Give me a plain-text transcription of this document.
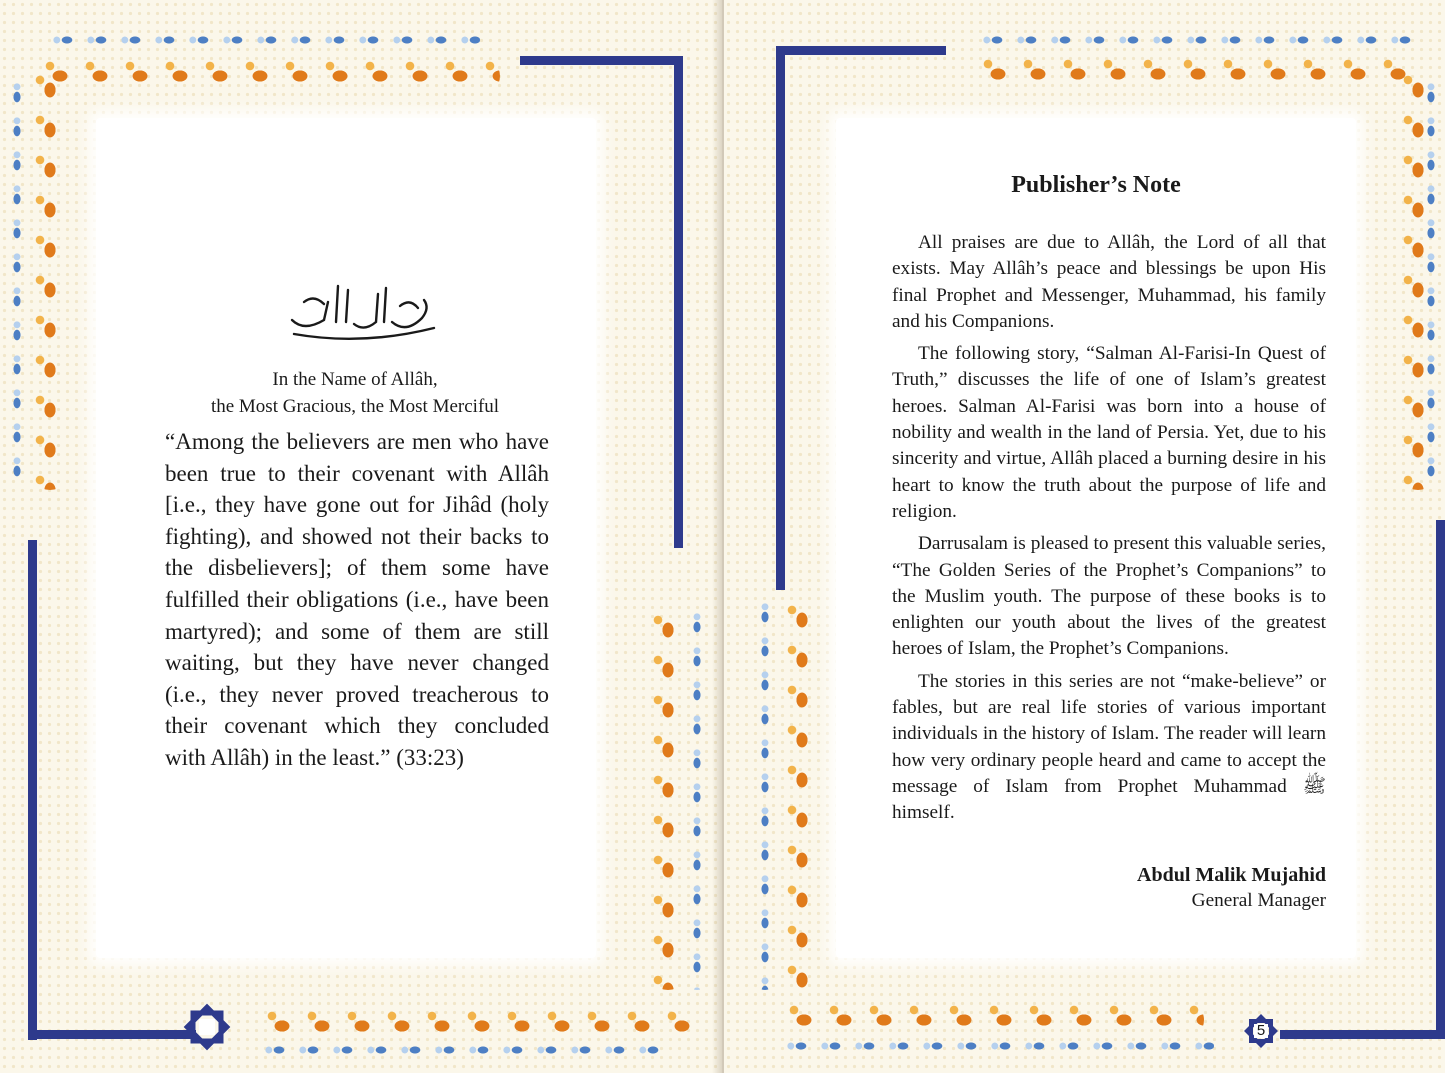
In the Name of Allâh,
the Most Gracious, the Most Merciful

“Among the believers are men who have been true to their covenant with Allâh [i.e., they have gone out for Jihâd (holy fighting), and showed not their backs to the disbelievers]; of them some have fulfilled their obligations (i.e., have been martyred); and some of them are still waiting, but they have never changed (i.e., they never proved treacherous to their covenant which they concluded with Allâh) in the least.” (33:23)

Publisher’s Note

All praises are due to Allâh, the Lord of all that exists. May Allâh’s peace and blessings be upon His final Prophet and Messenger, Muhammad, his family and his Companions.

The following story, “Salman Al-Farisi-In Quest of Truth,” discusses the life of one of Islam’s greatest heroes. Salman Al-Farisi was born into a house of nobility and wealth in the land of Persia. Yet, due to his sincerity and virtue, Allâh placed a burning desire in his heart to know the truth about the purpose of life and religion.

Darrusalam is pleased to present this valuable series, “The Golden Series of the Prophet’s Companions” to the Muslim youth. The purpose of these books is to enlighten our youth about the lives of the greatest heroes of Islam, the Prophet’s Companions.

The stories in this series are not “make-believe” or fables, but are real life stories of various important individuals in the history of Islam. The reader will learn how very ordinary people heard and came to accept the message of Islam from Prophet Muhammad ﷺ himself.

Abdul Malik Mujahid
General Manager
5
